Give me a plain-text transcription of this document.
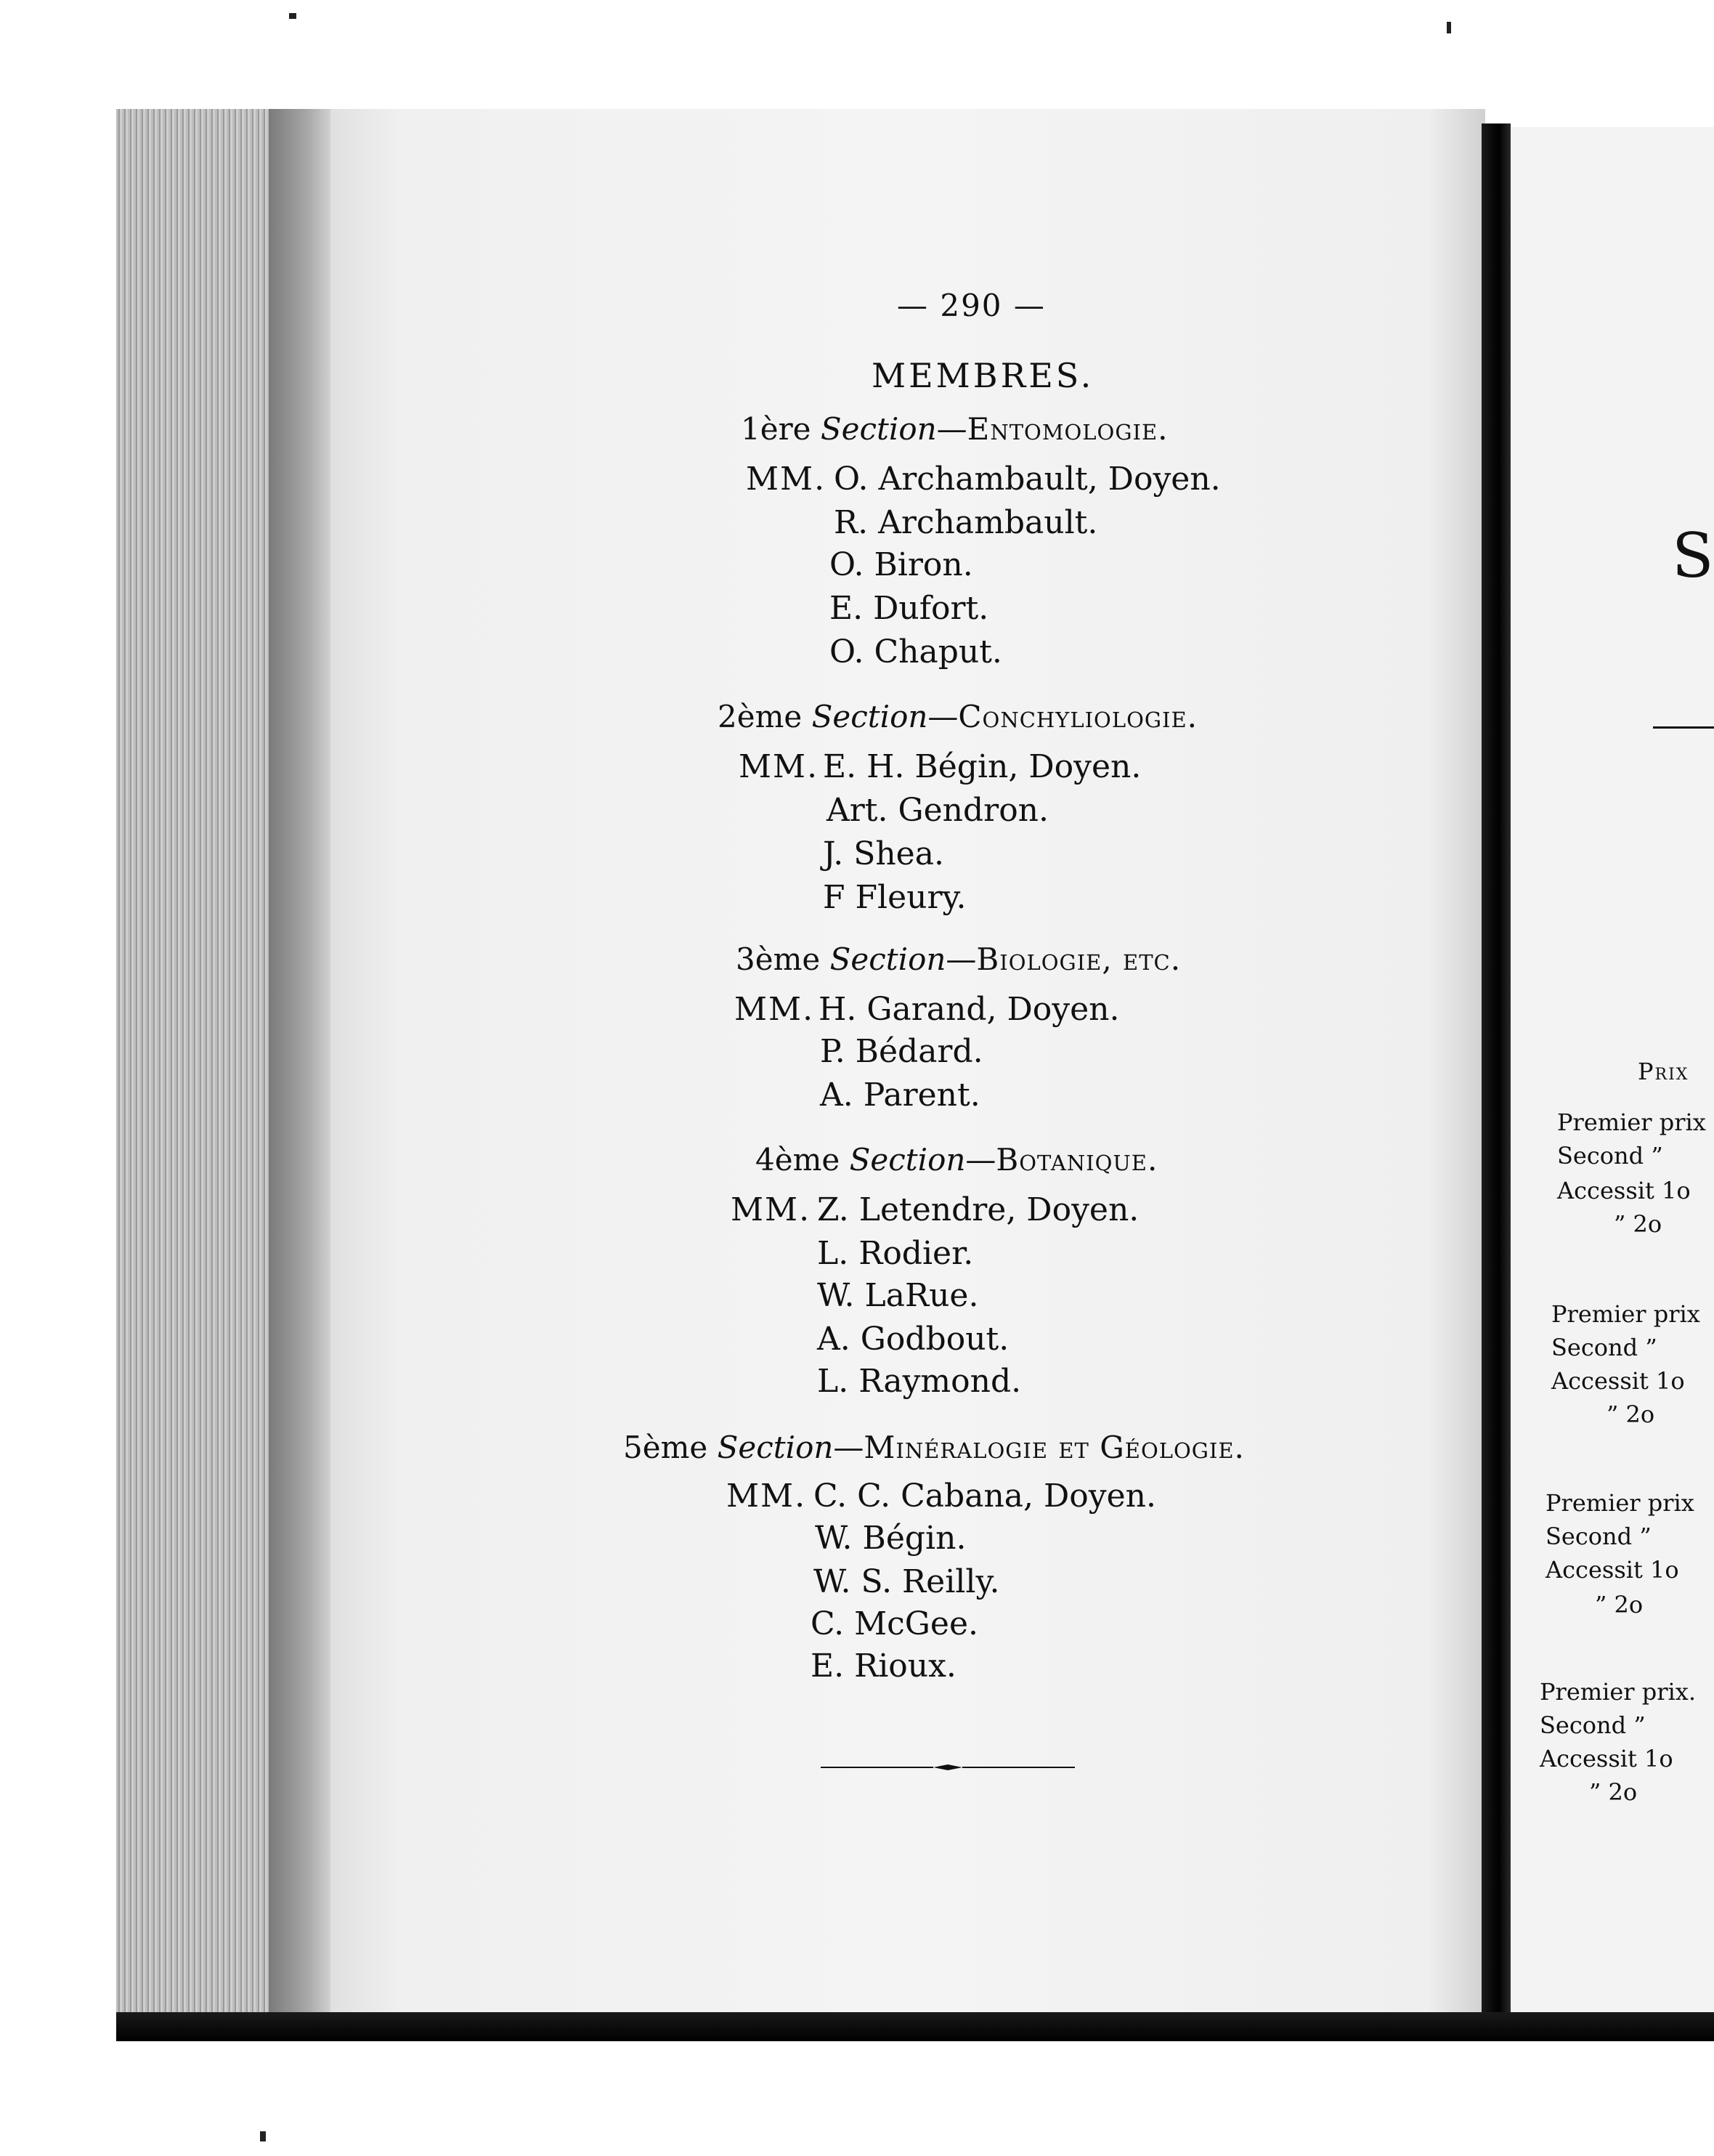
— 290 —
MEMBRES.
1ère Section—Entomologie.
MM. O. Archambault, Doyen.
R. Archambault.
O. Biron.
E. Dufort.
O. Chaput.
2ème Section—Conchyliologie.
MM. E. H. Bégin, Doyen.
Art. Gendron.
J. Shea.
F Fleury.
3ème Section—Biologie, etc.
MM. H. Garand, Doyen.
P. Bédard.
A. Parent.
4ème Section—Botanique.
MM. Z. Letendre, Doyen.
L. Rodier.
W. LaRue.
A. Godbout.
L. Raymond.
5ème Section—Minéralogie et Géologie.
MM. C. C. Cabana, Doyen.
W. Bégin.
W. S. Reilly.
C. McGee.
E. Rioux.
S
Prix
Premier prix
Second ”
Accessit 1o
” 2o
Premier prix
Second ”
Accessit 1o
” 2o
Premier prix
Second ”
Accessit 1o
” 2o
Premier prix.
Second ”
Accessit 1o
” 2o
